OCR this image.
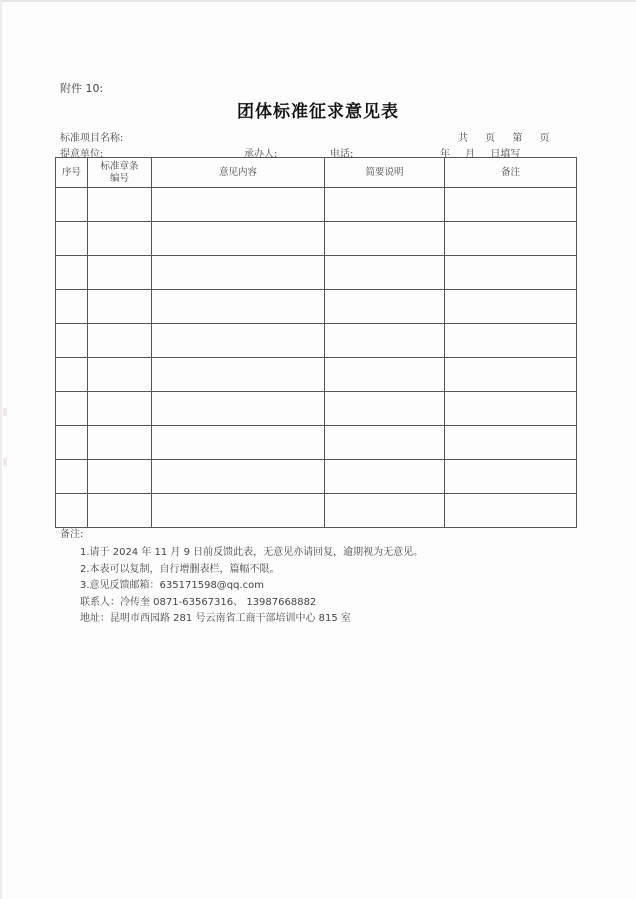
附件 10:
团体标准征求意见表
标准项目名称:	共 页 第 页
提意单位:	承办人:	电话:	年 月 日填写
序号	标准章条编号	意见内容	简要说明	备注

备注:
1.请于 2024 年 11 月 9 日前反馈此表，无意见亦请回复，逾期视为无意见。
2.本表可以复制，自行增删表栏，篇幅不限。
3.意见反馈邮箱：635171598@qq.com
联系人：冷传奎 0871-63567316、 13987668882
地址：昆明市西园路 281 号云南省工商干部培训中心 815 室
